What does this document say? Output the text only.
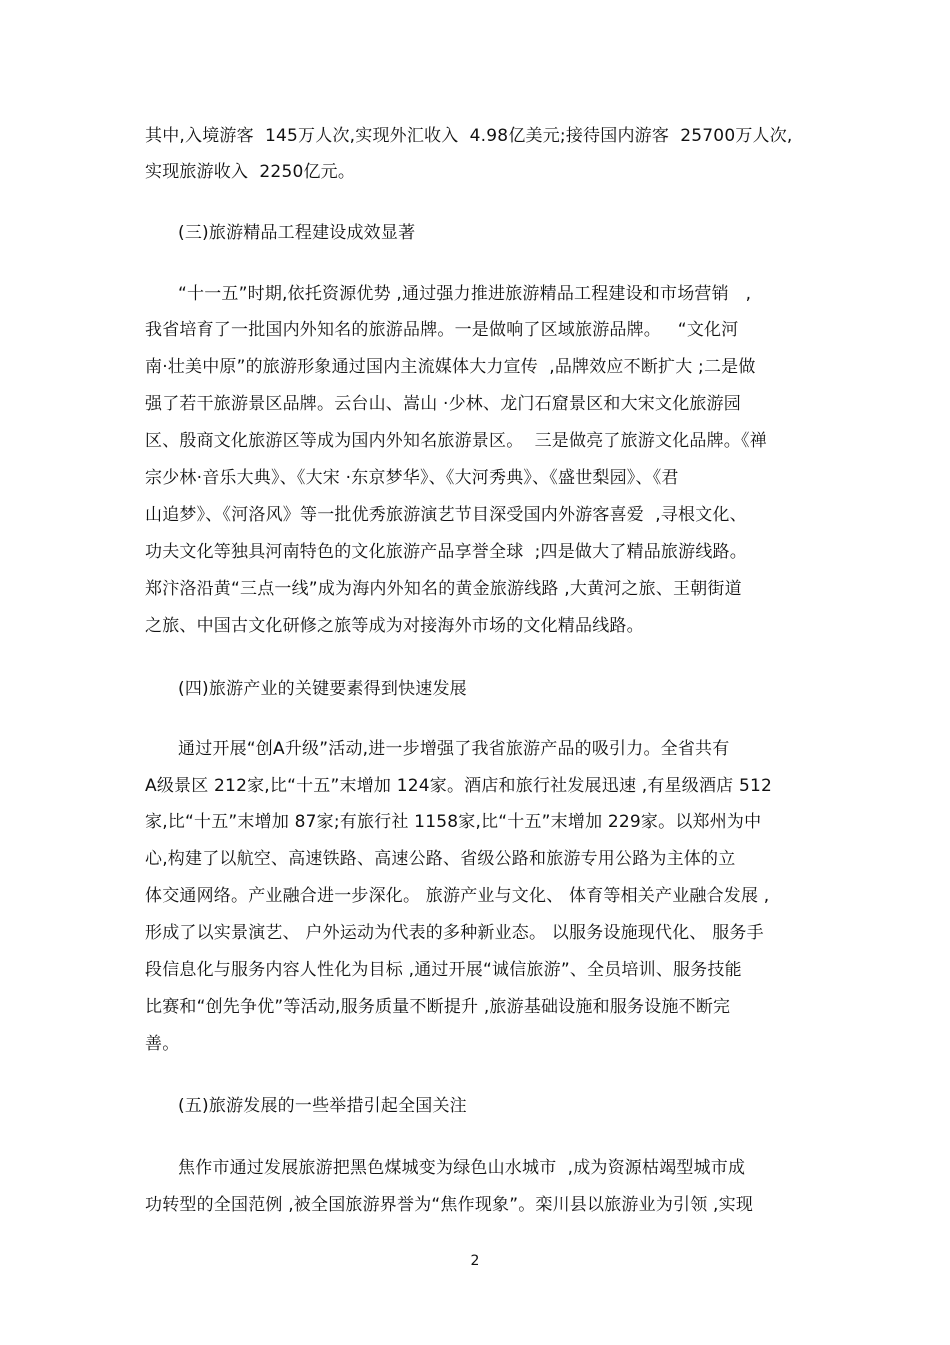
其中,入境游客  145万人次,实现外汇收入  4.98亿美元;接待国内游客  25700万人次,
实现旅游收入  2250亿元。
(三)旅游精品工程建设成效显著
“十一五”时期,依托资源优势 ,通过强力推进旅游精品工程建设和市场营销   ,
我省培育了一批国内外知名的旅游品牌。一是做响了区域旅游品牌。   “文化河
南·壮美中原”的旅游形象通过国内主流媒体大力宣传  ,品牌效应不断扩大 ;二是做
强了若干旅游景区品牌。云台山、嵩山 ·少林、龙门石窟景区和大宋文化旅游园
区、殷商文化旅游区等成为国内外知名旅游景区。  三是做亮了旅游文化品牌。《禅
宗少林·音乐大典》、《大宋 ·东京梦华》、《大河秀典》、《盛世梨园》、《君
山追梦》、《河洛风》等一批优秀旅游演艺节目深受国内外游客喜爱  ,寻根文化、
功夫文化等独具河南特色的文化旅游产品享誉全球  ;四是做大了精品旅游线路。
郑汴洛沿黄“三点一线”成为海内外知名的黄金旅游线路 ,大黄河之旅、王朝街道
之旅、中国古文化研修之旅等成为对接海外市场的文化精品线路。
(四)旅游产业的关键要素得到快速发展
通过开展“创A升级”活动,进一步增强了我省旅游产品的吸引力。全省共有
A级景区 212家,比“十五”末增加 124家。酒店和旅行社发展迅速 ,有星级酒店 512
家,比“十五”末增加 87家;有旅行社 1158家,比“十五”末增加 229家。以郑州为中
心,构建了以航空、高速铁路、高速公路、省级公路和旅游专用公路为主体的立
体交通网络。产业融合进一步深化。 旅游产业与文化、 体育等相关产业融合发展 ,
形成了以实景演艺、 户外运动为代表的多种新业态。 以服务设施现代化、 服务手
段信息化与服务内容人性化为目标 ,通过开展“诚信旅游”、全员培训、服务技能
比赛和“创先争优”等活动,服务质量不断提升 ,旅游基础设施和服务设施不断完
善。
(五)旅游发展的一些举措引起全国关注
焦作市通过发展旅游把黑色煤城变为绿色山水城市  ,成为资源枯竭型城市成
功转型的全国范例 ,被全国旅游界誉为“焦作现象”。栾川县以旅游业为引领 ,实现
2
